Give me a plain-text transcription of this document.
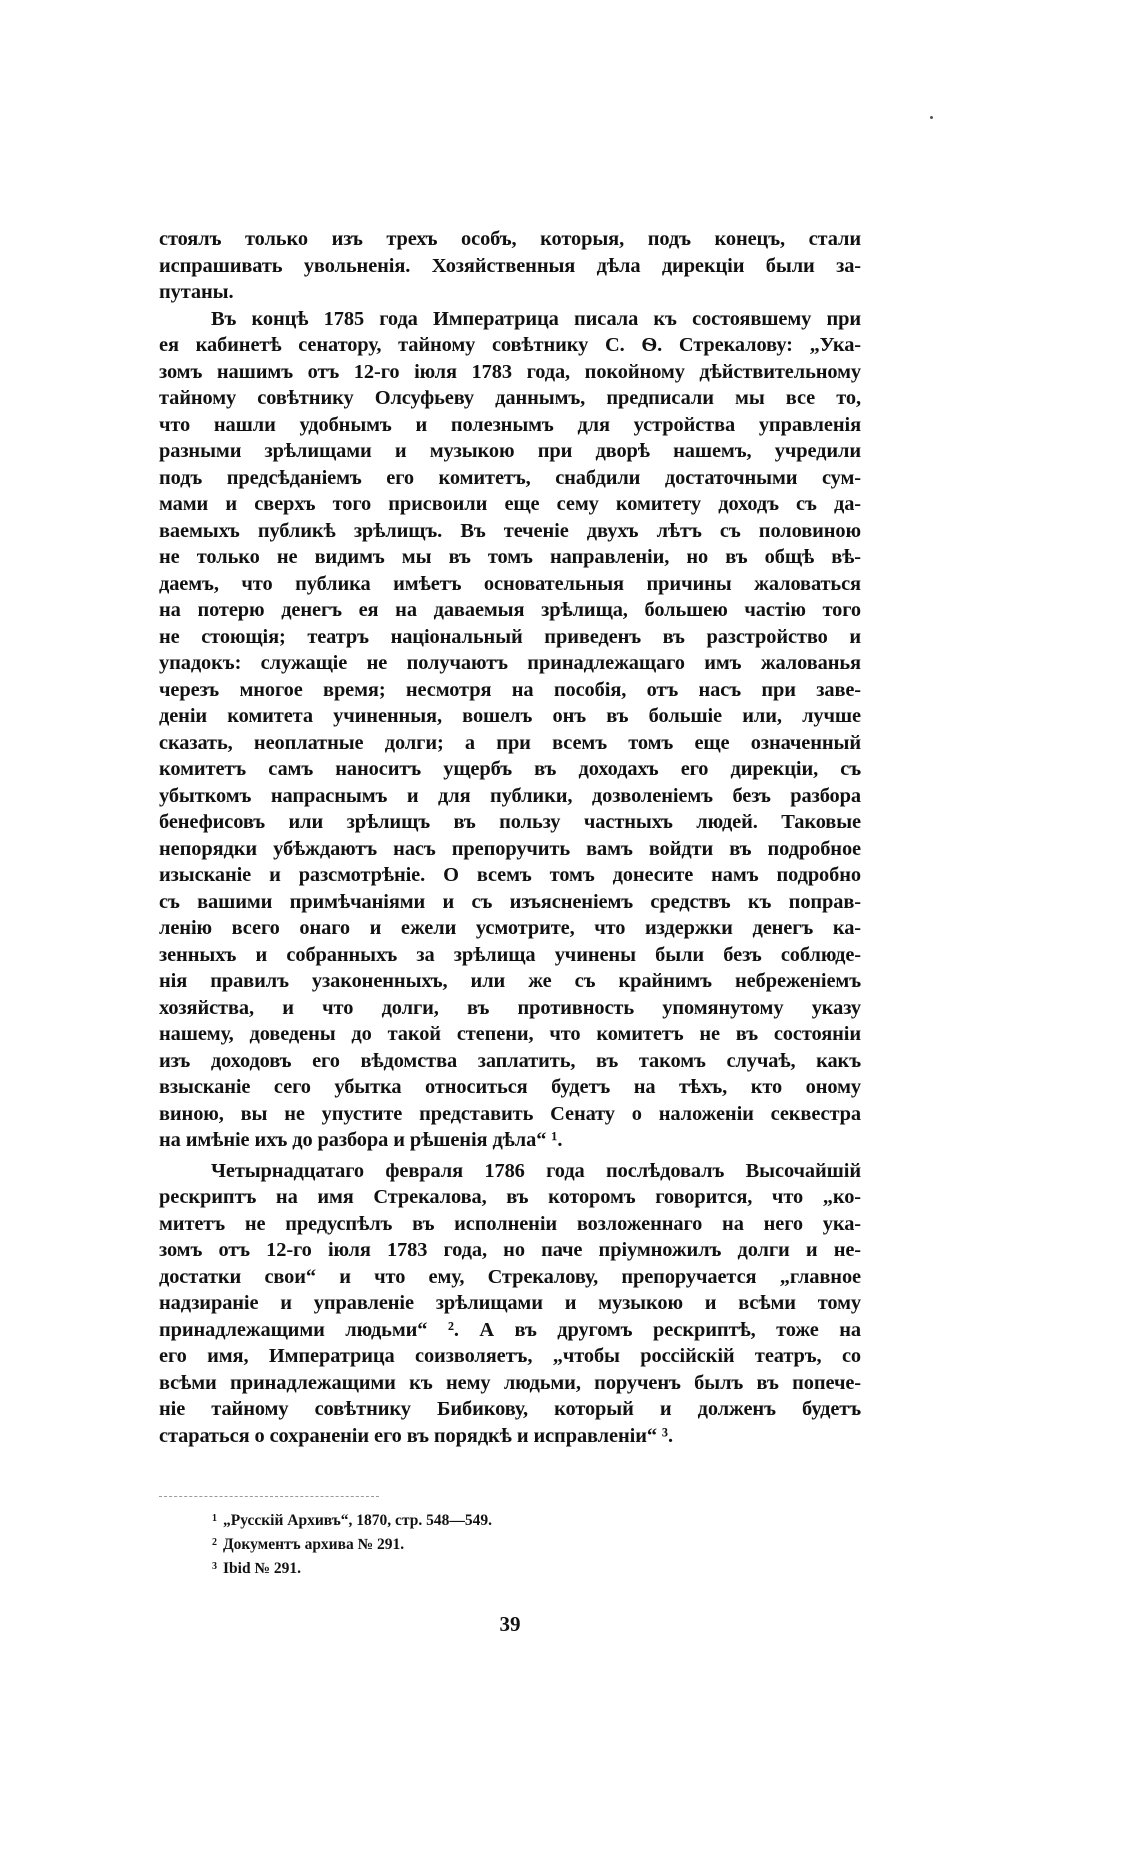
стоялъ только изъ трехъ особъ, которыя, подъ конецъ, стали
испрашивать увольненія. Хозяйственныя дѣла дирекціи были за-
путаны.
Въ концѣ 1785 года Императрица писала къ состоявшему при
ея кабинетѣ сенатору, тайному совѣтнику С. Ѳ. Стрекалову: „Ука-
зомъ нашимъ отъ 12-го іюля 1783 года, покойному дѣйствительному
тайному совѣтнику Олсуфьеву даннымъ, предписали мы все то,
что нашли удобнымъ и полезнымъ для устройства управленія
разными зрѣлищами и музыкою при дворѣ нашемъ, учредили
подъ предсѣданіемъ его комитетъ, снабдили достаточными сум-
мами и сверхъ того присвоили еще сему комитету доходъ съ да-
ваемыхъ публикѣ зрѣлищъ. Въ теченіе двухъ лѣтъ съ половиною
не только не видимъ мы въ томъ направленіи, но въ общѣ вѣ-
даемъ, что публика имѣетъ основательныя причины жаловаться
на потерю денегъ ея на даваемыя зрѣлища, большею частію того
не стоющія; театръ національный приведенъ въ разстройство и
упадокъ: служащіе не получаютъ принадлежащаго имъ жалованья
черезъ многое время; несмотря на пособія, отъ насъ при заве-
деніи комитета учиненныя, вошелъ онъ въ большіе или, лучше
сказать, неоплатные долги; а при всемъ томъ еще означенный
комитетъ самъ наноситъ ущербъ въ доходахъ его дирекціи, съ
убыткомъ напраснымъ и для публики, дозволеніемъ безъ разбора
бенефисовъ или зрѣлищъ въ пользу частныхъ людей. Таковые
непорядки убѣждаютъ насъ препоручить вамъ войдти въ подробное
изысканіе и разсмотрѣніе. О всемъ томъ донесите намъ подробно
съ вашими примѣчаніями и съ изъясненіемъ средствъ къ поправ-
ленію всего онаго и ежели усмотрите, что издержки денегъ ка-
зенныхъ и собранныхъ за зрѣлища учинены были безъ соблюде-
нія правилъ узаконенныхъ, или же съ крайнимъ небреженіемъ
хозяйства, и что долги, въ противность упомянутому указу
нашему, доведены до такой степени, что комитетъ не въ состояніи
изъ доходовъ его вѣдомства заплатить, въ такомъ случаѣ, какъ
взысканіе сего убытка относиться будетъ на тѣхъ, кто оному
виною, вы не упустите представить Сенату о наложеніи секвестра
на имѣніе ихъ до разбора и рѣшенія дѣла“ ¹.
Четырнадцатаго февраля 1786 года послѣдовалъ Высочайшій
рескриптъ на имя Стрекалова, въ которомъ говорится, что „ко-
митетъ не предуспѣлъ въ исполненіи возложеннаго на него ука-
зомъ отъ 12-го іюля 1783 года, но паче пріумножилъ долги и не-
достатки свои“ и что ему, Стрекалову, препоручается „главное
надзираніе и управленіе зрѣлищами и музыкою и всѣми тому
принадлежащими людьми“ ². А въ другомъ рескриптѣ, тоже на
его имя, Императрица соизволяетъ, „чтобы россійскій театръ, со
всѣми принадлежащими къ нему людьми, порученъ былъ въ попече-
ніе тайному совѣтнику Бибикову, который и долженъ будетъ
стараться о сохраненіи его въ порядкѣ и исправленіи“ ³.
1 „Русскій Архивъ“, 1870, стр. 548—549.
2 Документъ архива № 291.
3 Ibid № 291.
39
